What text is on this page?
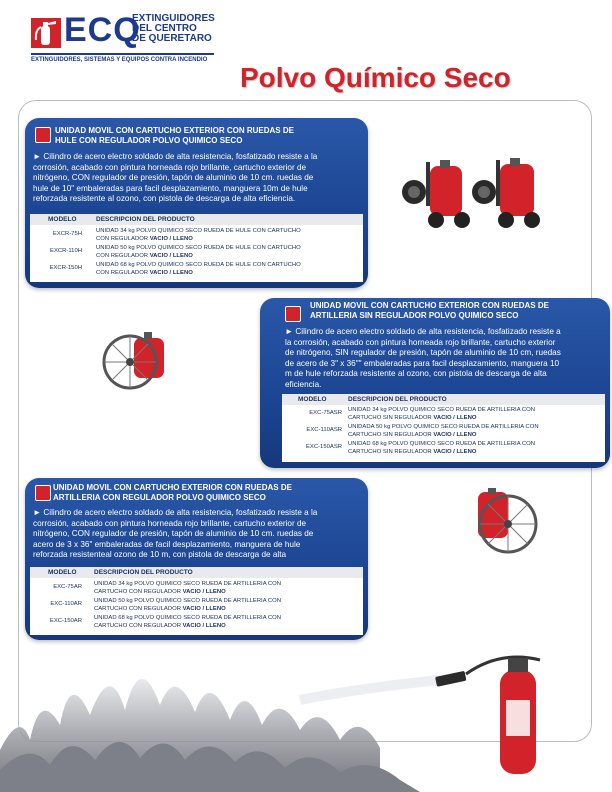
ECQ
EXTINGUIDORES
DEL CENTRO
DE QUERETARO
EXTINGUIDORES, SISTEMAS Y EQUIPOS CONTRA INCENDIO
Polvo Químico Seco
UNIDAD MOVIL CON CARTUCHO EXTERIOR CON RUEDAS DE
HULE CON REGULADOR POLVO QUIMICO SECO
► Cilindro de acero electro soldado de alta resistencia, fosfatizado resiste a la
corrosión, acabado con pintura horneada rojo brillante, cartucho exterior de
nitrógeno, CON regulador de presión, tapón de aluminio de 10 cm. ruedas de
hule de 10" embaleradas para facil desplazamiento, manguera 10m de hule
reforzada resistente al ozono, con pistola de descarga de alta eficiencia.
MODELO	DESCRIPCION DEL PRODUCTO
EXCR-75H UNIDAD 34 kg POLVO QUIMICO SECO RUEDA DE HULE CON CARTUCHO
CON REGULADOR VACIO / LLENO
EXCR-110H UNIDAD 50 kg POLVO QUIMICO SECO RUEDA DE HULE CON CARTUCHO
CON REGULADOR VACIO / LLENO
EXCR-150H UNIDAD 68 kg POLVO QUIMICO SECO RUEDA DE HULE CON CARTUCHO
CON REGULADOR VACIO / LLENO
UNIDAD MOVIL CON CARTUCHO EXTERIOR CON RUEDAS DE
ARTILLERIA SIN REGULADOR POLVO QUIMICO SECO
► Cilindro de acero electro soldado de alta resistencia, fosfatizado resiste a
la corrosión, acabado con pintura horneada rojo brillante, cartucho exterior
de nitrógeno, SIN regulador de presión, tapón de aluminio de 10 cm, ruedas
de acero de 3" x 36"" embaleradas para facil desplazamiento, manguera 10
m de hule reforzada resistente al ozono, con pistola de descarga de alta
eficiencia.
MODELO	DESCRIPCION DEL PRODUCTO
EXC-75ASR UNIDAD 34 kg POLVO QUIMICO SECO RUEDA DE ARTILLERIA CON
CARTUCHO SIN REGULADOR VACIO / LLENO
EXC-110ASR UNIDADA 50 kg POLVO QUIMICO SECO RUEDA DE ARTILLERIA CON
CARTUCHO SIN REGULADOR VACIO / LLENO
EXC-150ASR UNIDAD 68 kg POLVO QUIMICO SECO RUEDA DE ARTILLERIA CON
CARTUCHO SIN REGULADOR VACIO / LLENO
UNIDAD MOVIL CON CARTUCHO EXTERIOR CON RUEDAS DE
ARTILLERIA CON REGULADOR POLVO QUIMICO SECO
► Cilindro de acero electro soldado de alta resistencia, fosfatizado resiste a la
corrosión, acabado con pintura horneada rojo brillante, cartucho exterior de
nitrógeno, CON regulador de presión, tapón de aluminio de 10 cm. ruedas de
acero de 3 x 36" embaleradas de facil desplazamiento, manguera de hule
reforzada resistenteal ozono de 10 m, con pistola de descarga de alta
MODELO	DESCRIPCION DEL PRODUCTO
EXC-75AR UNIDAD 34 kg POLVO QUIMICO SECO RUEDA DE ARTILLERIA CON
CARTUCHO CON REGULADOR VACIO / LLENO
EXC-110AR UNIDAD 50 kg POLVO QUIMICO SECO RUEDA DE ARTILLERIA CON
CARTUCHO CON REGULADOR VACIO / LLENO
EXC-150AR UNIDAD 68 kg POLVO QUIMICO SECO RUEDA DE ARTILLERIA CON
CARTUCHO CON REGULADOR VACIO / LLENO
